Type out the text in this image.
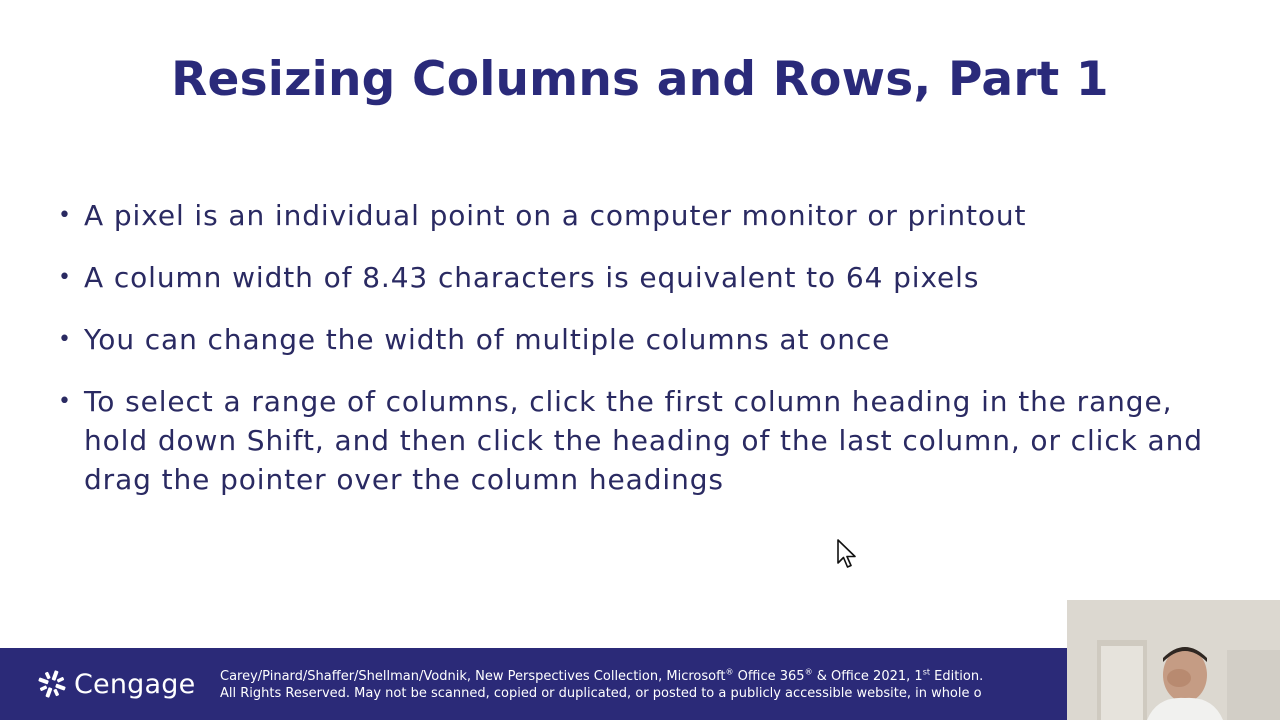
Resizing Columns and Rows, Part 1
• A pixel is an individual point on a computer monitor or printout
• A column width of 8.43 characters is equivalent to 64 pixels
• You can change the width of multiple columns at once
• To select a range of columns, click the first column heading in the range, hold down Shift, and then click the heading of the last column, or click and drag the pointer over the column headings
Cengage Carey/Pinard/Shaffer/Shellman/Vodnik, New Perspectives Collection, Microsoft® Office 365® & Office 2021, 1st Edition.
All Rights Reserved. May not be scanned, copied or duplicated, or posted to a publicly accessible website, in whole o
